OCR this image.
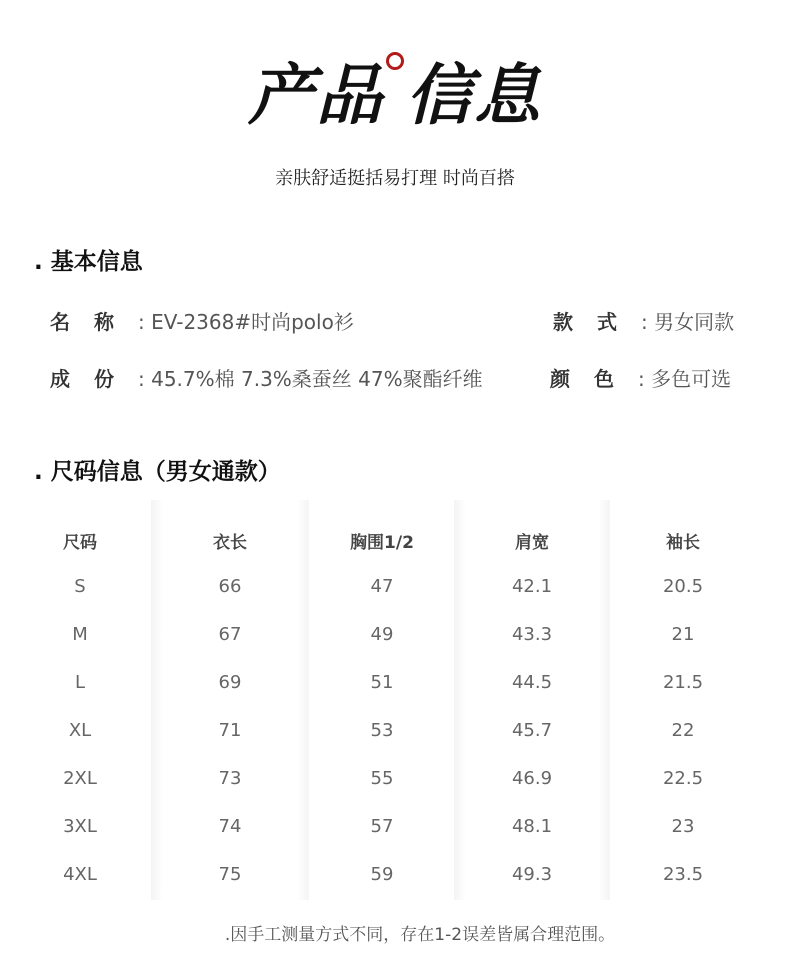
产品 信息
亲肤舒适挺括易打理 时尚百搭
. 基本信息
名称: EV-2368#时尚polo衫	款式: 男女同款
成份: 45.7%棉 7.3%桑蚕丝 47%聚酯纤维	颜色: 多色可选
. 尺码信息（男女通款）
尺码
S
M
L
XL
2XL
3XL
4XL
衣长
66
67
69
71
73
74
75
胸围1/2
47
49
51
53
55
57
59
肩宽
42.1
43.3
44.5
45.7
46.9
48.1
49.3
袖长
20.5
21
21.5
22
22.5
23
23.5
.因手工测量方式不同，存在1-2误差皆属合理范围。
